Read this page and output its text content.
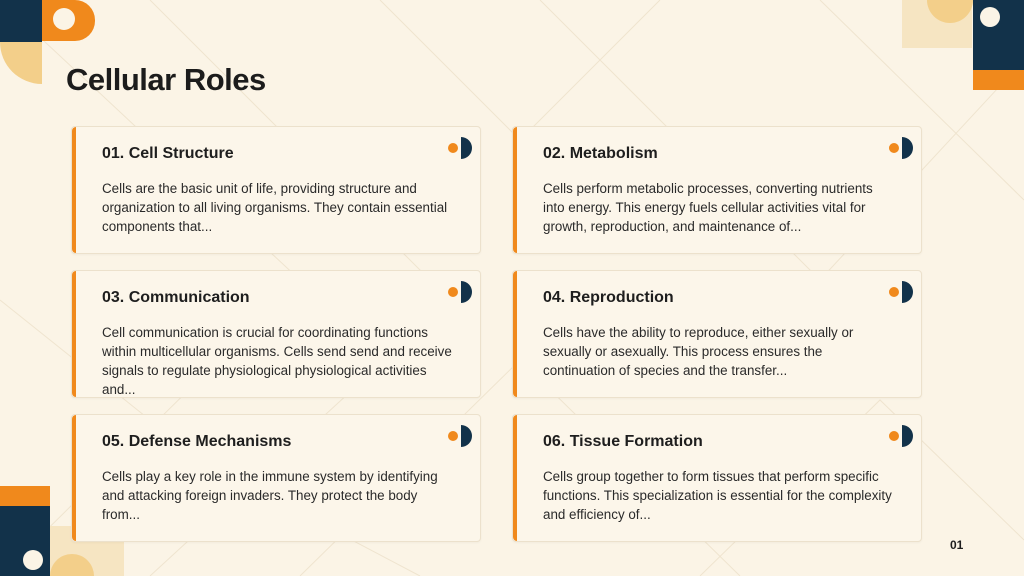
Cellular Roles
01. Cell Structure
Cells are the basic unit of life, providing structure and organization to all living organisms. They contain essential components that...
02. Metabolism
Cells perform metabolic processes, converting nutrients into energy. This energy fuels cellular activities vital for growth, reproduction, and maintenance of...
03. Communication
Cell communication is crucial for coordinating functions within multicellular organisms. Cells send send and receive signals to regulate physiological physiological activities and...
04. Reproduction
Cells have the ability to reproduce, either sexually or sexually or asexually. This process ensures the continuation of species and the transfer...
05. Defense Mechanisms
Cells play a key role in the immune system by identifying and attacking foreign invaders. They protect the body from...
06. Tissue Formation
Cells group together to form tissues that perform specific functions. This specialization is essential for the complexity and efficiency of...
01
